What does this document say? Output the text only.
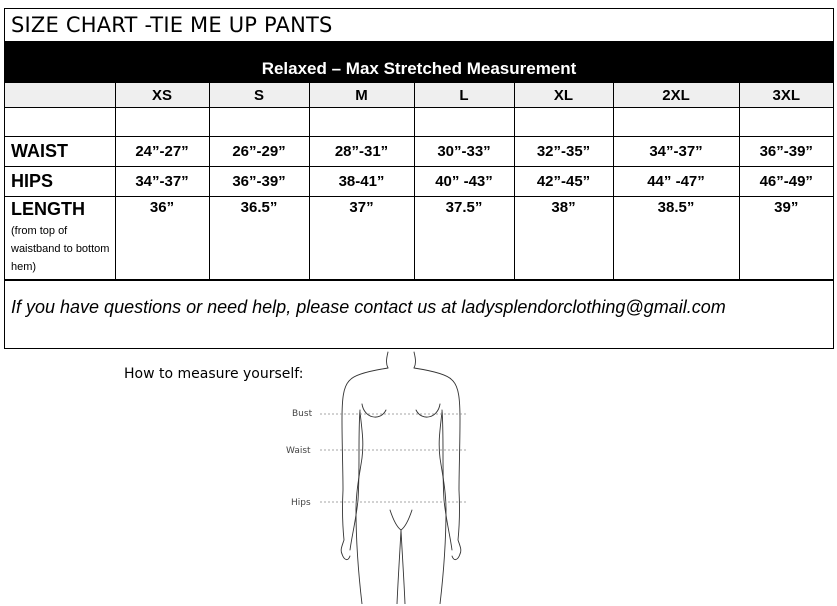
SIZE CHART -TIE ME UP PANTS
Relaxed – Max Stretched Measurement
	XS	S	M	L	XL	2XL	3XL

WAIST	24”-27”	26”-29”	28”-31”	30”-33”	32”-35”	34”-37”	36”-39”
HIPS	34”-37”	36”-39”	38-41”	40” -43”	42”-45”	44” -47”	46”-49”

LENGTH
(from top of waistband to bottom hem)	36”	36.5”	37”	37.5”	38”	38.5”	39”
If you have questions or need help, please contact us at ladysplendorclothing@gmail.com
How to measure yourself:
Bust
Waist
Hips
